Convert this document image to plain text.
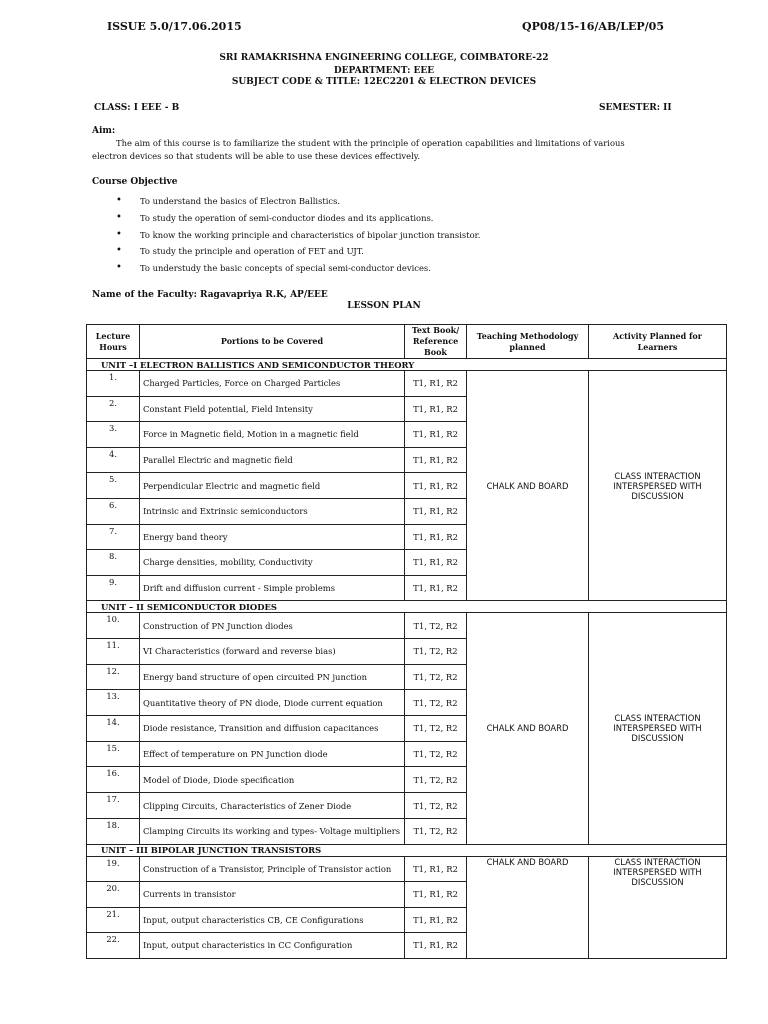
ISSUE 5.0/17.06.2015	QP08/15-16/AB/LEP/05
SRI RAMAKRISHNA ENGINEERING COLLEGE, COIMBATORE-22
DEPARTMENT: EEE
SUBJECT CODE & TITLE: 12EC2201 & ELECTRON DEVICES
CLASS: I EEE - B	SEMESTER: II
Aim:
The aim of this course is to familiarize the student with the principle of operation capabilities and limitations of various electron devices so that students will be able to use these devices effectively.
Course Objective
• To understand the basics of Electron Ballistics.
• To study the operation of semi-conductor diodes and its applications.
• To know the working principle and characteristics of bipolar junction transistor.
• To study the principle and operation of FET and UJT.
• To understudy the basic concepts of special semi-conductor devices.
Name of the Faculty: Ragavapriya R.K, AP/EEE
LESSON PLAN
Lecture Hours	Portions to be Covered	Text Book/ Reference Book	Teaching Methodology planned	Activity Planned for Learners
UNIT –I ELECTRON BALLISTICS AND SEMICONDUCTOR THEORY				
1.	Charged Particles, Force on Charged Particles	T1, R1, R2	CHALK AND BOARD	CLASS INTERACTION INTERSPERSED WITH DISCUSSION
2.	Constant Field potential, Field Intensity	T1, R1, R2		
3.	Force in Magnetic field, Motion in a magnetic field	T1, R1, R2		
4.	Parallel Electric and magnetic field	T1, R1, R2		
5.	Perpendicular Electric and magnetic field	T1, R1, R2		
6.	Intrinsic and Extrinsic semiconductors	T1, R1, R2		
7.	Energy band theory	T1, R1, R2		
8.	Charge densities, mobility, Conductivity	T1, R1, R2		
9.	Drift and diffusion current - Simple problems	T1, R1, R2		
UNIT – II SEMICONDUCTOR DIODES				
10.	Construction of PN Junction diodes	T1, T2, R2	CHALK AND BOARD	CLASS INTERACTION INTERSPERSED WITH DISCUSSION
11.	VI Characteristics (forward and reverse bias)	T1, T2, R2		
12.	Energy band structure of open circuited PN junction	T1, T2, R2		
13.	Quantitative theory of PN diode, Diode current equation	T1, T2, R2		
14.	Diode resistance, Transition and diffusion capacitances	T1, T2, R2		
15.	Effect of temperature on PN Junction diode	T1, T2, R2		
16.	Model of Diode, Diode specification	T1, T2, R2		
17.	Clipping Circuits, Characteristics of Zener Diode	T1, T2, R2		
18.	Clamping Circuits its working and types- Voltage multipliers	T1, T2, R2		
UNIT – III BIPOLAR JUNCTION TRANSISTORS				
19.	Construction of a Transistor, Principle of Transistor action	T1, R1, R2	CHALK AND BOARD	CLASS INTERACTION INTERSPERSED WITH DISCUSSION
20.	Currents in transistor	T1, R1, R2		
21.	Input, output characteristics CB, CE Configurations	T1, R1, R2		
22.	Input, output characteristics in CC Configuration	T1, R1, R2		
